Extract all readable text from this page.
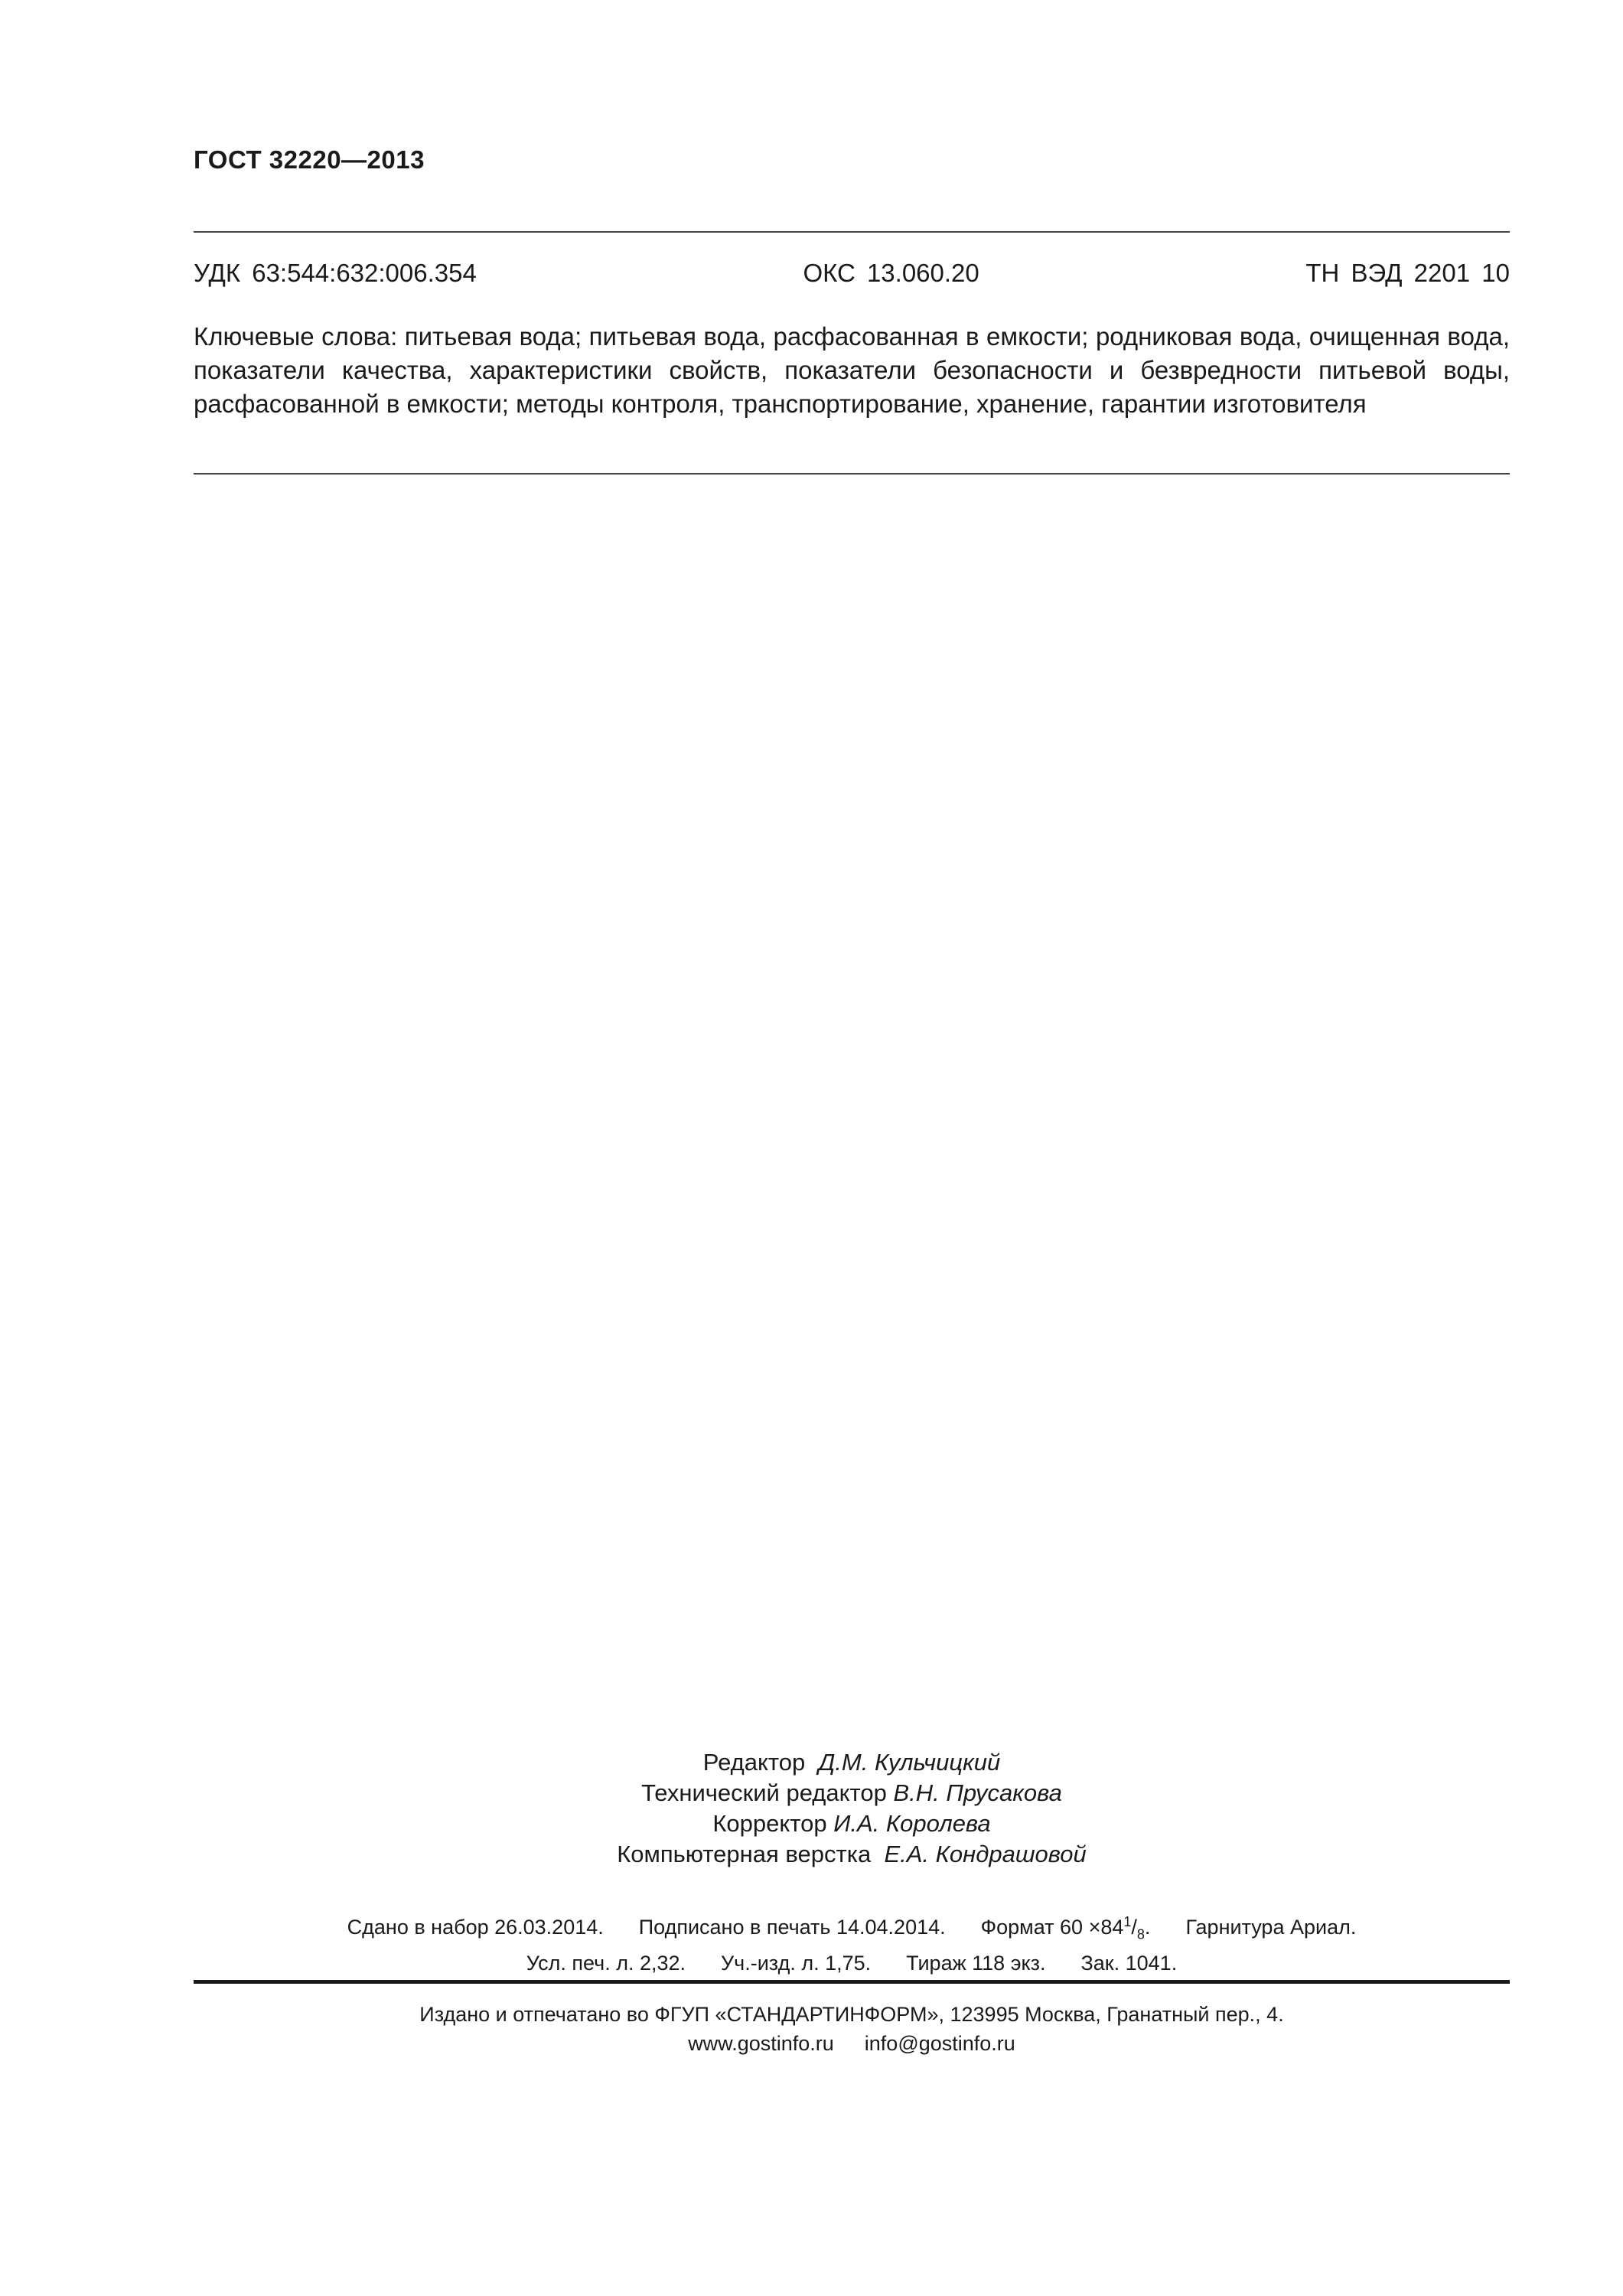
ГОСТ 32220—2013
УДК 63:544:632:006.354	ОКС 13.060.20	ТН ВЭД 2201 10
Ключевые слова: питьевая вода; питьевая вода, расфасованная в емкости; родниковая вода, очищенная вода, показатели качества, характеристики свойств, показатели безопасности и безвредности питьевой воды, расфасованной в емкости; методы контроля, транспортирование, хранение, гарантии изготовителя
Редактор Д.М. Кульчицкий
Технический редактор В.Н. Прусакова
Корректор И.А. Королева
Компьютерная верстка Е.А. Кондрашовой
Сдано в набор 26.03.2014. Подписано в печать 14.04.2014. Формат $60 \times 84^1/_8$. Гарнитура Ариал.
Усл. печ. л. 2,32. Уч.-изд. л. 1,75. Тираж 118 экз. Зак. 1041.
Издано и отпечатано во ФГУП «СТАНДАРТИНФОРМ», 123995 Москва, Гранатный пер., 4.
www.gostinfo.ru info@gostinfo.ru
